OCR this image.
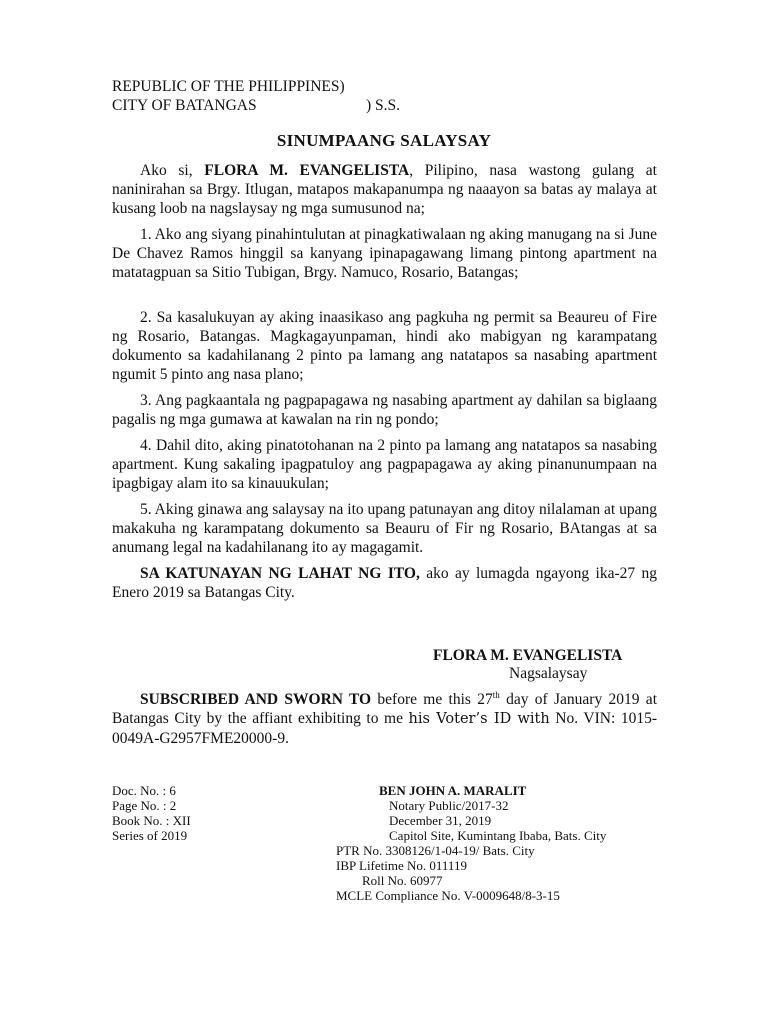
REPUBLIC OF THE PHILIPPINES)
CITY OF BATANGAS	) S.S.
SINUMPAANG SALAYSAY

Ako si, FLORA M. EVANGELISTA, Pilipino, nasa wastong gulang at naninirahan sa Brgy. Itlugan, matapos makapanumpa ng naaayon sa batas ay malaya at kusang loob na nagslaysay ng mga sumusunod na;

1. Ako ang siyang pinahintulutan at pinagkatiwalaan ng aking manugang na si June De Chavez Ramos hinggil sa kanyang ipinapagawang limang pintong apartment na matatagpuan sa Sitio Tubigan, Brgy. Namuco, Rosario, Batangas;

2. Sa kasalukuyan ay aking inaasikaso ang pagkuha ng permit sa Beaureu of Fire ng Rosario, Batangas. Magkagayunpaman, hindi ako mabigyan ng karampatang dokumento sa kadahilanang 2 pinto pa lamang ang natatapos sa nasabing apartment ngumit 5 pinto ang nasa plano;

3. Ang pagkaantala ng pagpapagawa ng nasabing apartment ay dahilan sa biglaang pagalis ng mga gumawa at kawalan na rin ng pondo;

4. Dahil dito, aking pinatotohanan na 2 pinto pa lamang ang natatapos sa nasabing apartment. Kung sakaling ipagpatuloy ang pagpapagawa ay aking pinanunumpaan na ipagbigay alam ito sa kinauukulan;

5. Aking ginawa ang salaysay na ito upang patunayan ang ditoy nilalaman at upang makakuha ng karampatang dokumento sa Beauru of Fir ng Rosario, BAtangas at sa anumang legal na kadahilanang ito ay magagamit.

SA KATUNAYAN NG LAHAT NG ITO, ako ay lumagda ngayong ika-27 ng Enero 2019 sa Batangas City.

FLORA M. EVANGELISTA
Nagsalaysay

SUBSCRIBED AND SWORN TO before me this 27th day of January 2019 at Batangas City by the affiant exhibiting to me his Voter’s ID with No. VIN: 1015-0049A-G2957FME20000-9.

Doc. No. : 6
Page No. : 2
Book No. : XII
Series of 2019
BEN JOHN A. MARALIT
Notary Public/2017-32
December 31, 2019
Capitol Site, Kumintang Ibaba, Bats. City
PTR No. 3308126/1-04-19/ Bats. City
IBP Lifetime No. 011119
Roll No. 60977
MCLE Compliance No. V-0009648/8-3-15
